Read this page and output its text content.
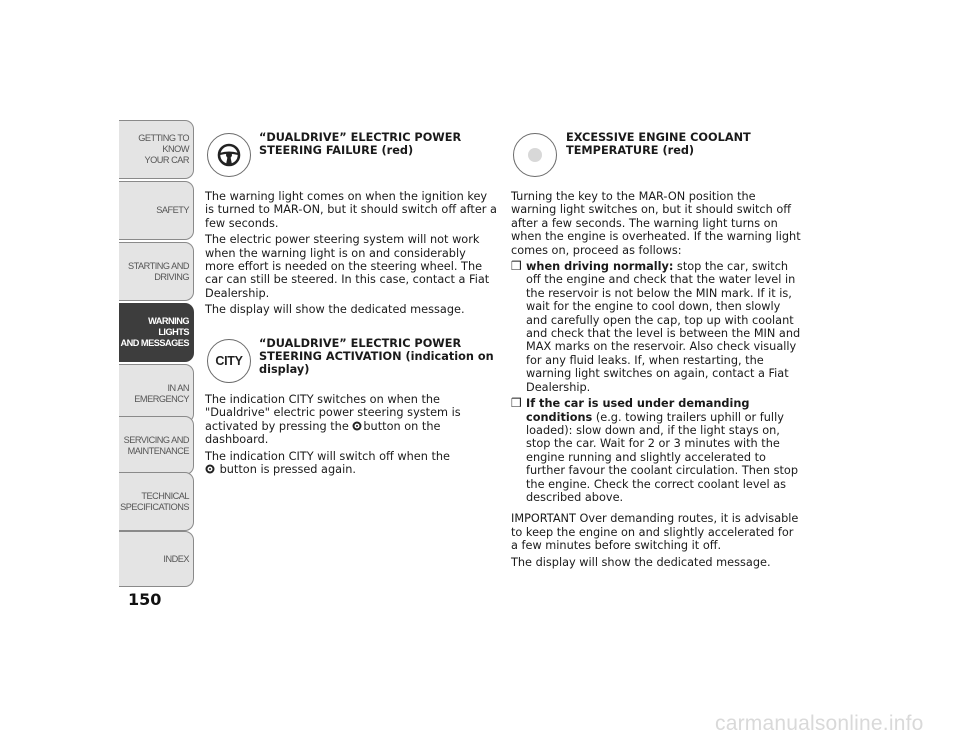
GETTING TO KNOW
YOUR CAR
SAFETY
STARTING AND
DRIVING
WARNING LIGHTS
AND MESSAGES
IN AN EMERGENCY
SERVICING AND
MAINTENANCE
TECHNICAL
SPECIFICATIONS
INDEX
150
“DUALDRIVE” ELECTRIC POWER STEERING FAILURE (red)

The warning light comes on when the ignition key is turned to MAR-ON, but it should switch off after a few seconds.

The electric power steering system will not work when the warning light is on and considerably more effort is needed on the steering wheel. The car can still be steered. In this case, contact a Fiat Dealership.

The display will show the dedicated message.

CITY
“DUALDRIVE” ELECTRIC POWER STEERING ACTIVATION (indication on display)

The indication CITY switches on when the "Dualdrive" electric power steering system is activated by pressing the button on the dashboard.

The indication CITY will switch off when the
button is pressed again.

EXCESSIVE ENGINE COOLANT TEMPERATURE (red)

Turning the key to the MAR-ON position the warning light switches on, but it should switch off after a few seconds. The warning light turns on when the engine is overheated. If the warning light comes on, proceed as follows:

❒ when driving normally: stop the car, switch off the engine and check that the water level in the reservoir is not below the MIN mark. If it is, wait for the engine to cool down, then slowly and carefully open the cap, top up with coolant and check that the level is between the MIN and MAX marks on the reservoir. Also check visually for any fluid leaks. If, when restarting, the warning light switches on again, contact a Fiat Dealership.
❒ If the car is used under demanding conditions (e.g. towing trailers uphill or fully loaded): slow down and, if the light stays on, stop the car. Wait for 2 or 3 minutes with the engine running and slightly accelerated to further favour the coolant circulation. Then stop the engine. Check the correct coolant level as described above.

IMPORTANT Over demanding routes, it is advisable to keep the engine on and slightly accelerated for a few minutes before switching it off.

The display will show the dedicated message.

carmanualsonline.info
